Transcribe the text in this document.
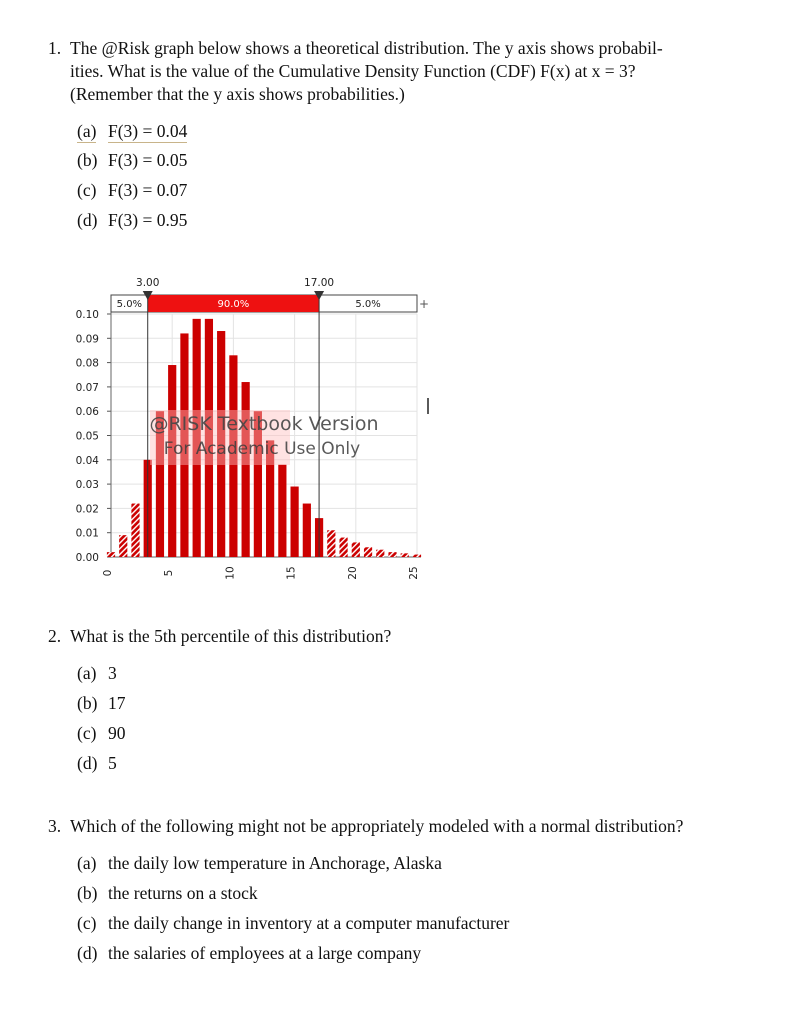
1. The @Risk graph below shows a theoretical distribution. The y axis shows probabil-
ities. What is the value of the Cumulative Density Function (CDF) F(x) at x = 3?
(Remember that the y axis shows probabilities.)
(a) F(3) = 0.04
(b) F(3) = 0.05
(c) F(3) = 0.07
(d) F(3) = 0.95
0.00
0.01
0.02
0.03
0.04
0.05
0.06
0.07
0.08
0.09
0.10
0	5	10	15	20	25
@RISK Textbook Version
For Academic Use Only
5.0%	90.0%	5.0%	+
3.00	17.00
2. What is the 5th percentile of this distribution?
(a) 3
(b) 17
(c) 90
(d) 5
3. Which of the following might not be appropriately modeled with a normal distribution?
(a) the daily low temperature in Anchorage, Alaska
(b) the returns on a stock
(c) the daily change in inventory at a computer manufacturer
(d) the salaries of employees at a large company
